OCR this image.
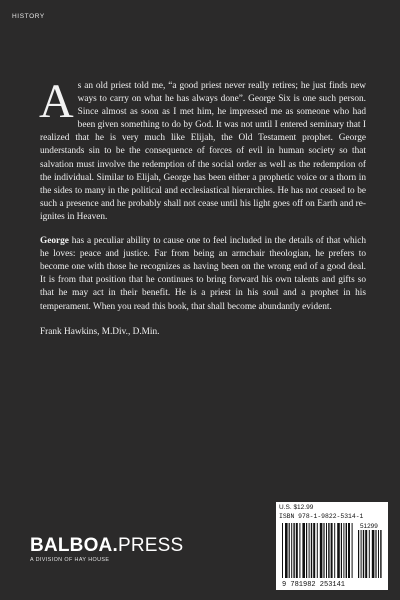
HISTORY

As an old priest told me, “a good priest never really retires; he just finds new ways to carry on what he has always done”. George Six is one such person. Since almost as soon as I met him, he impressed me as someone who had been given something to do by God. It was not until I entered seminary that I realized that he is very much like Elijah, the Old Testament prophet. George understands sin to be the consequence of forces of evil in human society so that salvation must involve the redemption of the social order as well as the redemption of the individual. Similar to Elijah, George has been either a prophetic voice or a thorn in the sides to many in the political and ecclesiastical hierarchies. He has not ceased to be such a presence and he probably shall not cease until his light goes off on Earth and re-ignites in Heaven.

George has a peculiar ability to cause one to feel included in the details of that which he loves: peace and justice. Far from being an armchair theologian, he prefers to become one with those he recognizes as having been on the wrong end of a good deal. It is from that position that he continues to bring forward his own talents and gifts so that he may act in their benefit. He is a priest in his soul and a prophet in his temperament. When you read this book, that shall become abundantly evident.

Frank Hawkins, M.Div., D.Min.

BALBOA.PRESS
A DIVISION OF HAY HOUSE
U.S. $12.99
ISBN 978-1-9822-5314-1
51299
9 781982 253141
